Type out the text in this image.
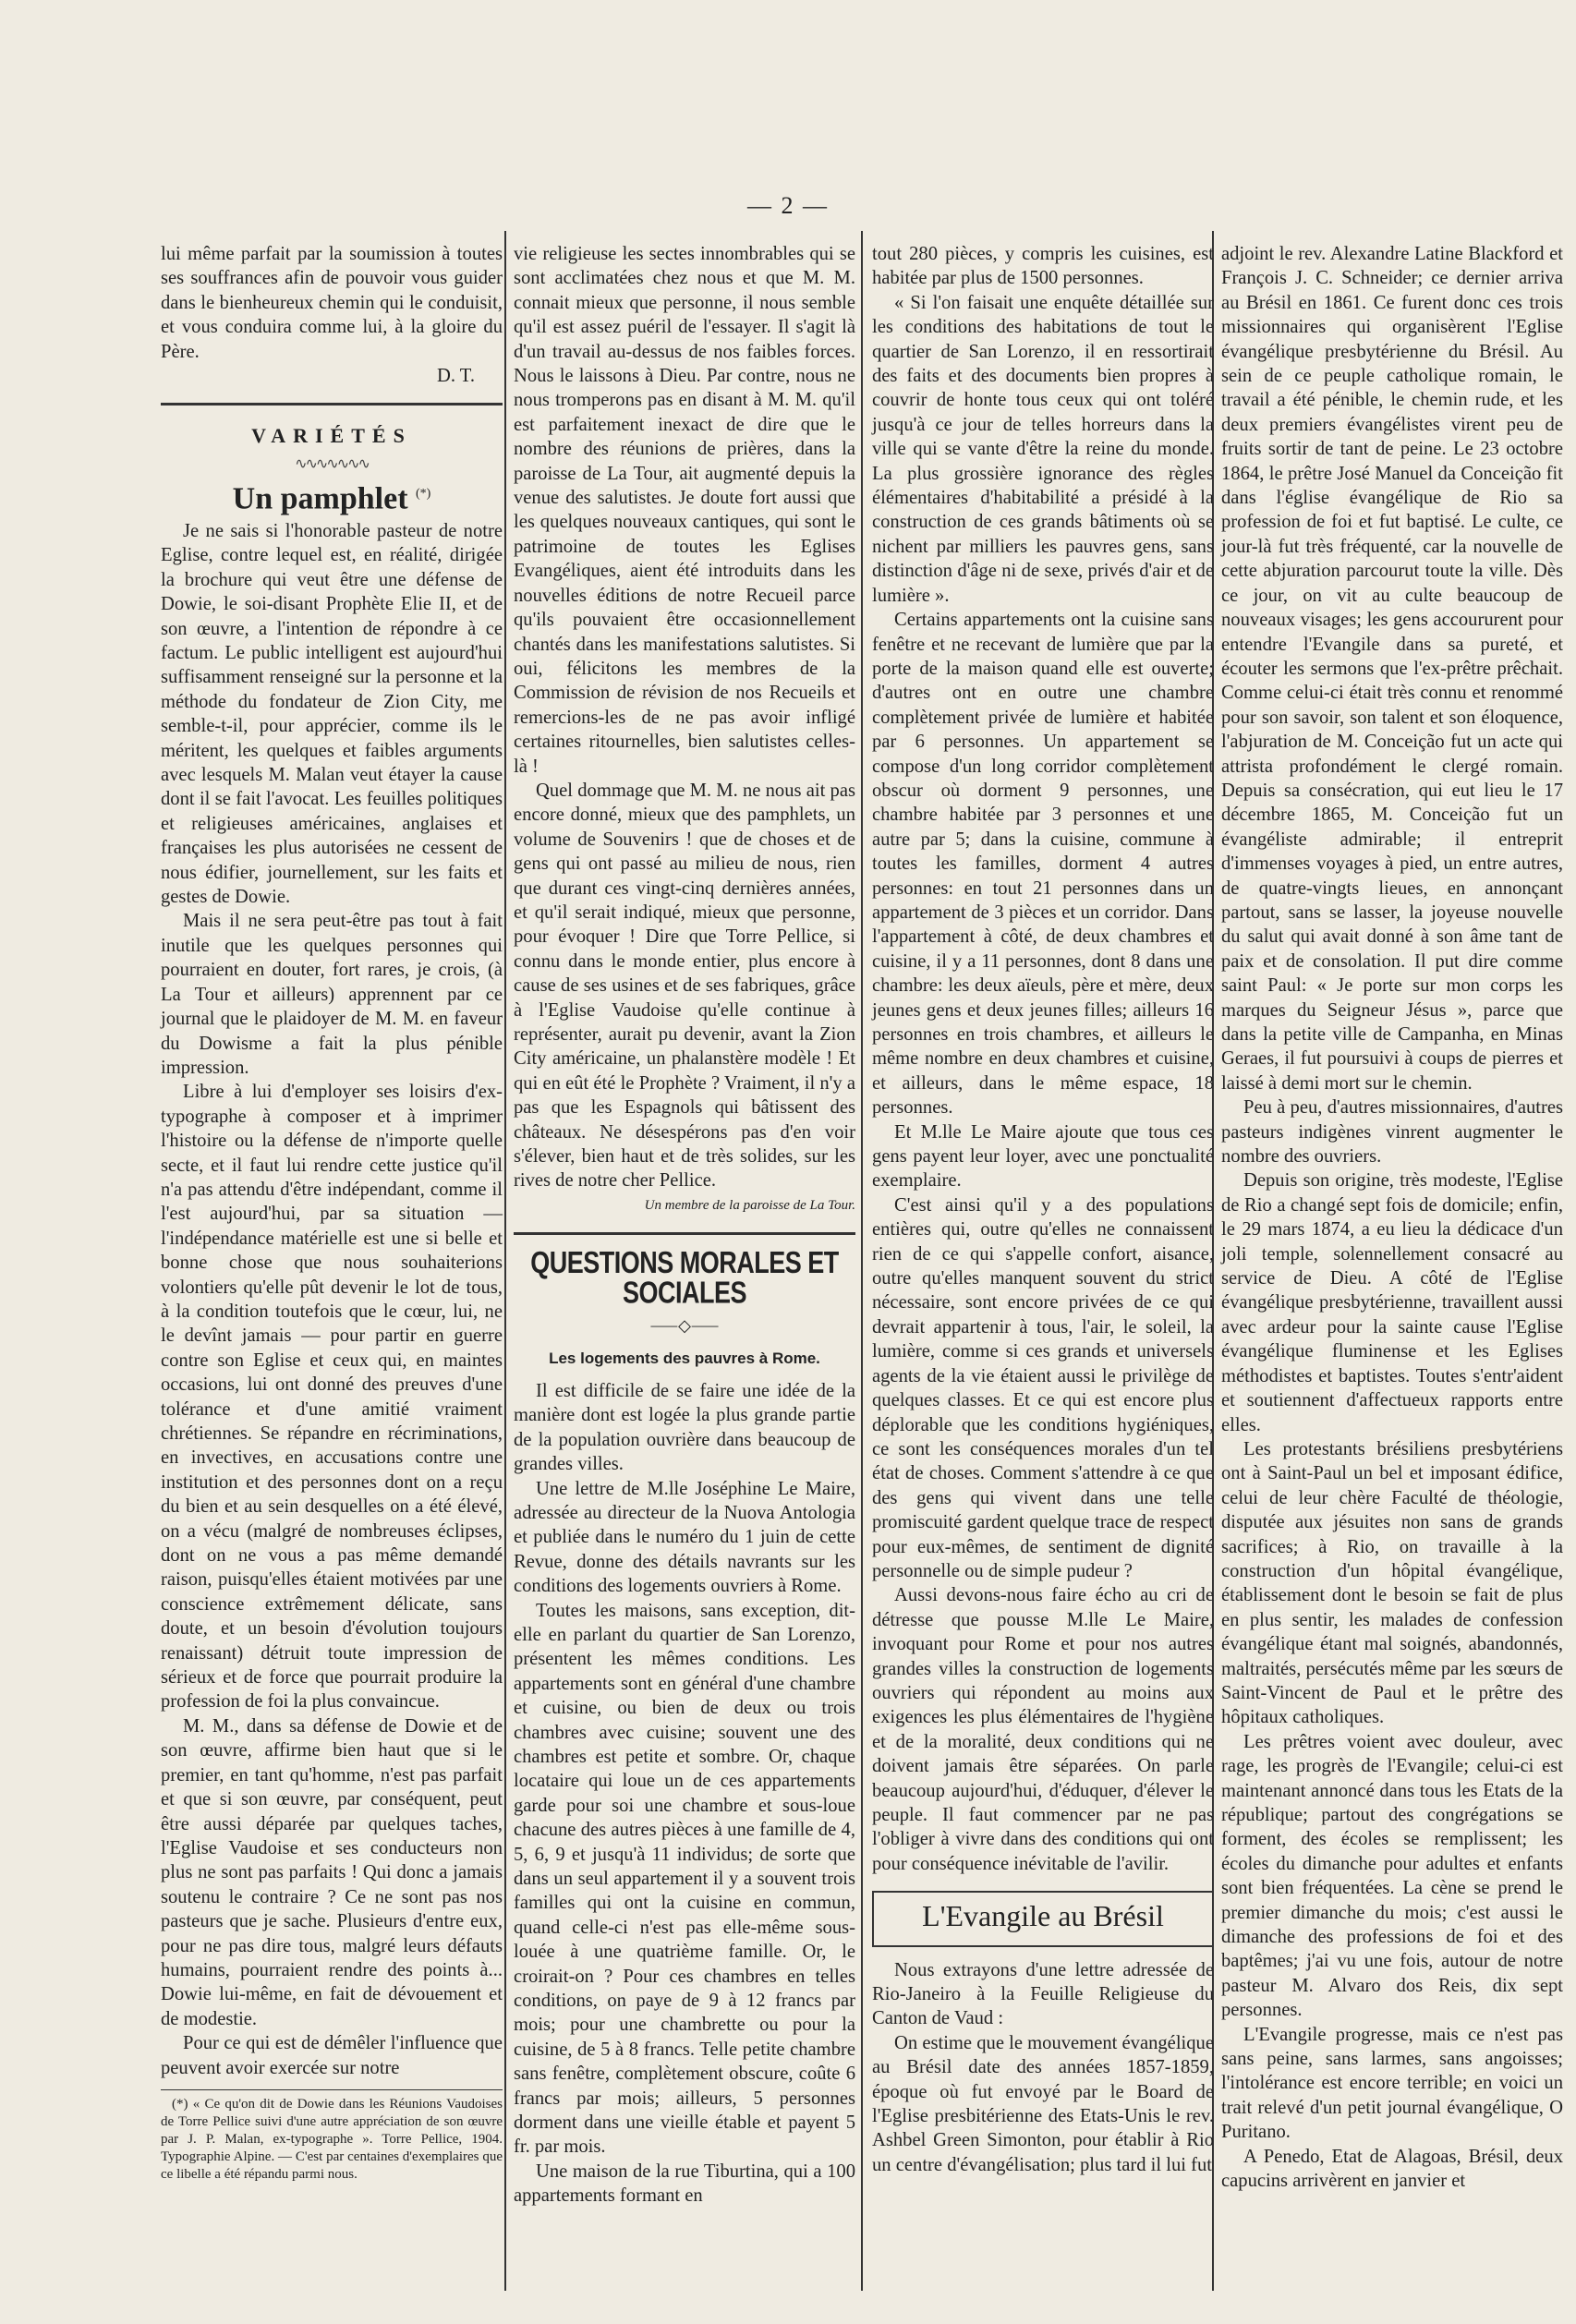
— 2 —

lui même parfait par la soumission à toutes ses souffrances afin de pouvoir vous guider dans le bienheureux chemin qui le conduisit, et vous conduira comme lui, à la gloire du Père.

D. T.
VARIÉTÉS
∿∿∿∿∿∿∿
Un pamphlet (*)

Je ne sais si l'honorable pasteur de notre Eglise, contre lequel est, en réalité, dirigée la brochure qui veut être une défense de Dowie, le soi-disant Prophète Elie II, et de son œuvre, a l'intention de répondre à ce factum. Le public intelligent est aujourd'hui suffisamment renseigné sur la personne et la méthode du fondateur de Zion City, me semble-t-il, pour apprécier, comme ils le méritent, les quelques et faibles arguments avec lesquels M. Malan veut étayer la cause dont il se fait l'avocat. Les feuilles politiques et religieuses américaines, anglaises et françaises les plus autorisées ne cessent de nous édifier, journellement, sur les faits et gestes de Dowie.

Mais il ne sera peut-être pas tout à fait inutile que les quelques personnes qui pourraient en douter, fort rares, je crois, (à La Tour et ailleurs) apprennent par ce journal que le plaidoyer de M. M. en faveur du Dowisme a fait la plus pénible impression.

Libre à lui d'employer ses loisirs d'ex-typographe à composer et à imprimer l'histoire ou la défense de n'importe quelle secte, et il faut lui rendre cette justice qu'il n'a pas attendu d'être indépendant, comme il l'est aujourd'hui, par sa situation — l'indépendance matérielle est une si belle et bonne chose que nous souhaiterions volontiers qu'elle pût devenir le lot de tous, à la condition toutefois que le cœur, lui, ne le devînt jamais — pour partir en guerre contre son Eglise et ceux qui, en maintes occasions, lui ont donné des preuves d'une tolérance et d'une amitié vraiment chrétiennes. Se répandre en récriminations, en invectives, en accusations contre une institution et des personnes dont on a reçu du bien et au sein desquelles on a été élevé, on a vécu (malgré de nombreuses éclipses, dont on ne vous a pas même demandé raison, puisqu'elles étaient motivées par une conscience extrêmement délicate, sans doute, et un besoin d'évolution toujours renaissant) détruit toute impression de sérieux et de force que pourrait produire la profession de foi la plus convaincue.

M. M., dans sa défense de Dowie et de son œuvre, affirme bien haut que si le premier, en tant qu'homme, n'est pas parfait et que si son œuvre, par conséquent, peut être aussi déparée par quelques taches, l'Eglise Vaudoise et ses conducteurs non plus ne sont pas parfaits ! Qui donc a jamais soutenu le contraire ? Ce ne sont pas nos pasteurs que je sache. Plusieurs d'entre eux, pour ne pas dire tous, malgré leurs défauts humains, pourraient rendre des points à... Dowie lui-même, en fait de dévouement et de modestie.

Pour ce qui est de démêler l'influence que peuvent avoir exercée sur notre

(*) « Ce qu'on dit de Dowie dans les Réunions Vaudoises de Torre Pellice suivi d'une autre appréciation de son œuvre par J. P. Malan, ex-typographe ». Torre Pellice, 1904. Typographie Alpine. — C'est par centaines d'exemplaires que ce libelle a été répandu parmi nous.

vie religieuse les sectes innombrables qui se sont acclimatées chez nous et que M. M. connait mieux que personne, il nous semble qu'il est assez puéril de l'essayer. Il s'agit là d'un travail au-dessus de nos faibles forces. Nous le laissons à Dieu. Par contre, nous ne nous tromperons pas en disant à M. M. qu'il est parfaitement inexact de dire que le nombre des réunions de prières, dans la paroisse de La Tour, ait augmenté depuis la venue des salutistes. Je doute fort aussi que les quelques nouveaux cantiques, qui sont le patrimoine de toutes les Eglises Evangéliques, aient été introduits dans les nouvelles éditions de notre Recueil parce qu'ils pouvaient être occasionnellement chantés dans les manifestations salutistes. Si oui, félicitons les membres de la Commission de révision de nos Recueils et remercions-les de ne pas avoir infligé certaines ritournelles, bien salutistes celles-là !

Quel dommage que M. M. ne nous ait pas encore donné, mieux que des pamphlets, un volume de Souvenirs ! que de choses et de gens qui ont passé au milieu de nous, rien que durant ces vingt-cinq dernières années, et qu'il serait indiqué, mieux que personne, pour évoquer ! Dire que Torre Pellice, si connu dans le monde entier, plus encore à cause de ses usines et de ses fabriques, grâce à l'Eglise Vaudoise qu'elle continue à représenter, aurait pu devenir, avant la Zion City américaine, un phalanstère modèle ! Et qui en eût été le Prophète ? Vraiment, il n'y a pas que les Espagnols qui bâtissent des châteaux. Ne désespérons pas d'en voir s'élever, bien haut et de très solides, sur les rives de notre cher Pellice.

Un membre de la paroisse de La Tour.
QUESTIONS MORALES ET SOCIALES
⸺◇⸺
Les logements des pauvres à Rome.

Il est difficile de se faire une idée de la manière dont est logée la plus grande partie de la population ouvrière dans beaucoup de grandes villes.

Une lettre de M.lle Joséphine Le Maire, adressée au directeur de la Nuova Antologia et publiée dans le numéro du 1 juin de cette Revue, donne des détails navrants sur les conditions des logements ouvriers à Rome.

Toutes les maisons, sans exception, dit-elle en parlant du quartier de San Lorenzo, présentent les mêmes conditions. Les appartements sont en général d'une chambre et cuisine, ou bien de deux ou trois chambres avec cuisine; souvent une des chambres est petite et sombre. Or, chaque locataire qui loue un de ces appartements garde pour soi une chambre et sous-loue chacune des autres pièces à une famille de 4, 5, 6, 9 et jusqu'à 11 individus; de sorte que dans un seul appartement il y a souvent trois familles qui ont la cuisine en commun, quand celle-ci n'est pas elle-même sous-louée à une quatrième famille. Or, le croirait-on ? Pour ces chambres en telles conditions, on paye de 9 à 12 francs par mois; pour une chambrette ou pour la cuisine, de 5 à 8 francs. Telle petite chambre sans fenêtre, complètement obscure, coûte 6 francs par mois; ailleurs, 5 personnes dorment dans une vieille étable et payent 5 fr. par mois.

Une maison de la rue Tiburtina, qui a 100 appartements formant en

tout 280 pièces, y compris les cuisines, est habitée par plus de 1500 personnes.

« Si l'on faisait une enquête détaillée sur les conditions des habitations de tout le quartier de San Lorenzo, il en ressortirait des faits et des documents bien propres à couvrir de honte tous ceux qui ont toléré jusqu'à ce jour de telles horreurs dans la ville qui se vante d'être la reine du monde. La plus grossière ignorance des règles élémentaires d'habitabilité a présidé à la construction de ces grands bâtiments où se nichent par milliers les pauvres gens, sans distinction d'âge ni de sexe, privés d'air et de lumière ».

Certains appartements ont la cuisine sans fenêtre et ne recevant de lumière que par la porte de la maison quand elle est ouverte; d'autres ont en outre une chambre complètement privée de lumière et habitée par 6 personnes. Un appartement se compose d'un long corridor complètement obscur où dorment 9 personnes, une chambre habitée par 3 personnes et une autre par 5; dans la cuisine, commune à toutes les familles, dorment 4 autres personnes: en tout 21 personnes dans un appartement de 3 pièces et un corridor. Dans l'appartement à côté, de deux chambres et cuisine, il y a 11 personnes, dont 8 dans une chambre: les deux aïeuls, père et mère, deux jeunes gens et deux jeunes filles; ailleurs 16 personnes en trois chambres, et ailleurs le même nombre en deux chambres et cuisine, et ailleurs, dans le même espace, 18 personnes.

Et M.lle Le Maire ajoute que tous ces gens payent leur loyer, avec une ponctualité exemplaire.

C'est ainsi qu'il y a des populations entières qui, outre qu'elles ne connaissent rien de ce qui s'appelle confort, aisance, outre qu'elles manquent souvent du strict nécessaire, sont encore privées de ce qui devrait appartenir à tous, l'air, le soleil, la lumière, comme si ces grands et universels agents de la vie étaient aussi le privilège de quelques classes. Et ce qui est encore plus déplorable que les conditions hygiéniques, ce sont les conséquences morales d'un tel état de choses. Comment s'attendre à ce que des gens qui vivent dans une telle promiscuité gardent quelque trace de respect pour eux-mêmes, de sentiment de dignité personnelle ou de simple pudeur ?

Aussi devons-nous faire écho au cri de détresse que pousse M.lle Le Maire, invoquant pour Rome et pour nos autres grandes villes la construction de logements ouvriers qui répondent au moins aux exigences les plus élémentaires de l'hygiène et de la moralité, deux conditions qui ne doivent jamais être séparées. On parle beaucoup aujourd'hui, d'éduquer, d'élever le peuple. Il faut commencer par ne pas l'obliger à vivre dans des conditions qui ont pour conséquence inévitable de l'avilir.

L'Evangile au Brésil

Nous extrayons d'une lettre adressée de Rio-Janeiro à la Feuille Religieuse du Canton de Vaud :

On estime que le mouvement évangélique au Brésil date des années 1857-1859, époque où fut envoyé par le Board de l'Eglise presbitérienne des Etats-Unis le rev. Ashbel Green Simonton, pour établir à Rio un centre d'évangélisation; plus tard il lui fut

adjoint le rev. Alexandre Latine Blackford et François J. C. Schneider; ce dernier arriva au Brésil en 1861. Ce furent donc ces trois missionnaires qui organisèrent l'Eglise évangélique presbytérienne du Brésil. Au sein de ce peuple catholique romain, le travail a été pénible, le chemin rude, et les deux premiers évangélistes virent peu de fruits sortir de tant de peine. Le 23 octobre 1864, le prêtre José Manuel da Conceição fit dans l'église évangélique de Rio sa profession de foi et fut baptisé. Le culte, ce jour-là fut très fréquenté, car la nouvelle de cette abjuration parcourut toute la ville. Dès ce jour, on vit au culte beaucoup de nouveaux visages; les gens accoururent pour entendre l'Evangile dans sa pureté, et écouter les sermons que l'ex-prêtre prêchait. Comme celui-ci était très connu et renommé pour son savoir, son talent et son éloquence, l'abjuration de M. Conceição fut un acte qui attrista profondément le clergé romain. Depuis sa consécration, qui eut lieu le 17 décembre 1865, M. Conceição fut un évangéliste admirable; il entreprit d'immenses voyages à pied, un entre autres, de quatre-vingts lieues, en annonçant partout, sans se lasser, la joyeuse nouvelle du salut qui avait donné à son âme tant de paix et de consolation. Il put dire comme saint Paul: « Je porte sur mon corps les marques du Seigneur Jésus », parce que dans la petite ville de Campanha, en Minas Geraes, il fut poursuivi à coups de pierres et laissé à demi mort sur le chemin.

Peu à peu, d'autres missionnaires, d'autres pasteurs indigènes vinrent augmenter le nombre des ouvriers.

Depuis son origine, très modeste, l'Eglise de Rio a changé sept fois de domicile; enfin, le 29 mars 1874, a eu lieu la dédicace d'un joli temple, solennellement consacré au service de Dieu. A côté de l'Eglise évangélique presbytérienne, travaillent aussi avec ardeur pour la sainte cause l'Eglise évangélique fluminense et les Eglises méthodistes et baptistes. Toutes s'entr'aident et soutiennent d'affectueux rapports entre elles.

Les protestants brésiliens presbytériens ont à Saint-Paul un bel et imposant édifice, celui de leur chère Faculté de théologie, disputée aux jésuites non sans de grands sacrifices; à Rio, on travaille à la construction d'un hôpital évangélique, établissement dont le besoin se fait de plus en plus sentir, les malades de confession évangélique étant mal soignés, abandonnés, maltraités, persécutés même par les sœurs de Saint-Vincent de Paul et le prêtre des hôpitaux catholiques.

Les prêtres voient avec douleur, avec rage, les progrès de l'Evangile; celui-ci est maintenant annoncé dans tous les Etats de la république; partout des congrégations se forment, des écoles se remplissent; les écoles du dimanche pour adultes et enfants sont bien fréquentées. La cène se prend le premier dimanche du mois; c'est aussi le dimanche des professions de foi et des baptêmes; j'ai vu une fois, autour de notre pasteur M. Alvaro dos Reis, dix sept personnes.

L'Evangile progresse, mais ce n'est pas sans peine, sans larmes, sans angoisses; l'intolérance est encore terrible; en voici un trait relevé d'un petit journal évangélique, O Puritano.

A Penedo, Etat de Alagoas, Brésil, deux capucins arrivèrent en janvier et
